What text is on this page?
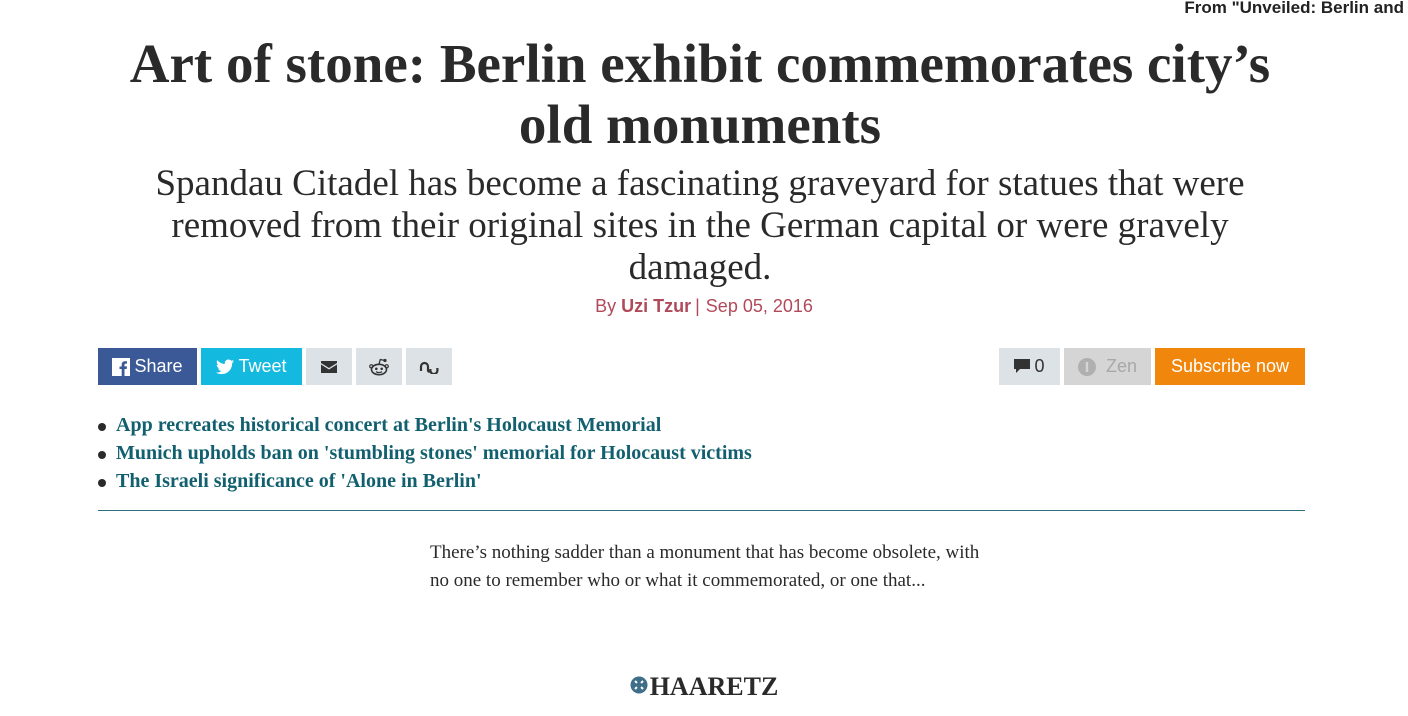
From "Unveiled: Berlin and
Art of stone: Berlin exhibit commemorates city’s old monuments

Spandau Citadel has become a fascinating graveyard for statues that were removed from their original sites in the German capital or were gravely damaged.

By Uzi Tzur | Sep 05, 2016
Share	Tweet	0	Zen	Subscribe now
App recreates historical concert at Berlin's Holocaust Memorial
Munich upholds ban on 'stumbling stones' memorial for Holocaust victims
The Israeli significance of 'Alone in Berlin'

There’s nothing sadder than a monument that has become obsolete, with no one to remember who or what it commemorated, or one that...

HAARETZ
